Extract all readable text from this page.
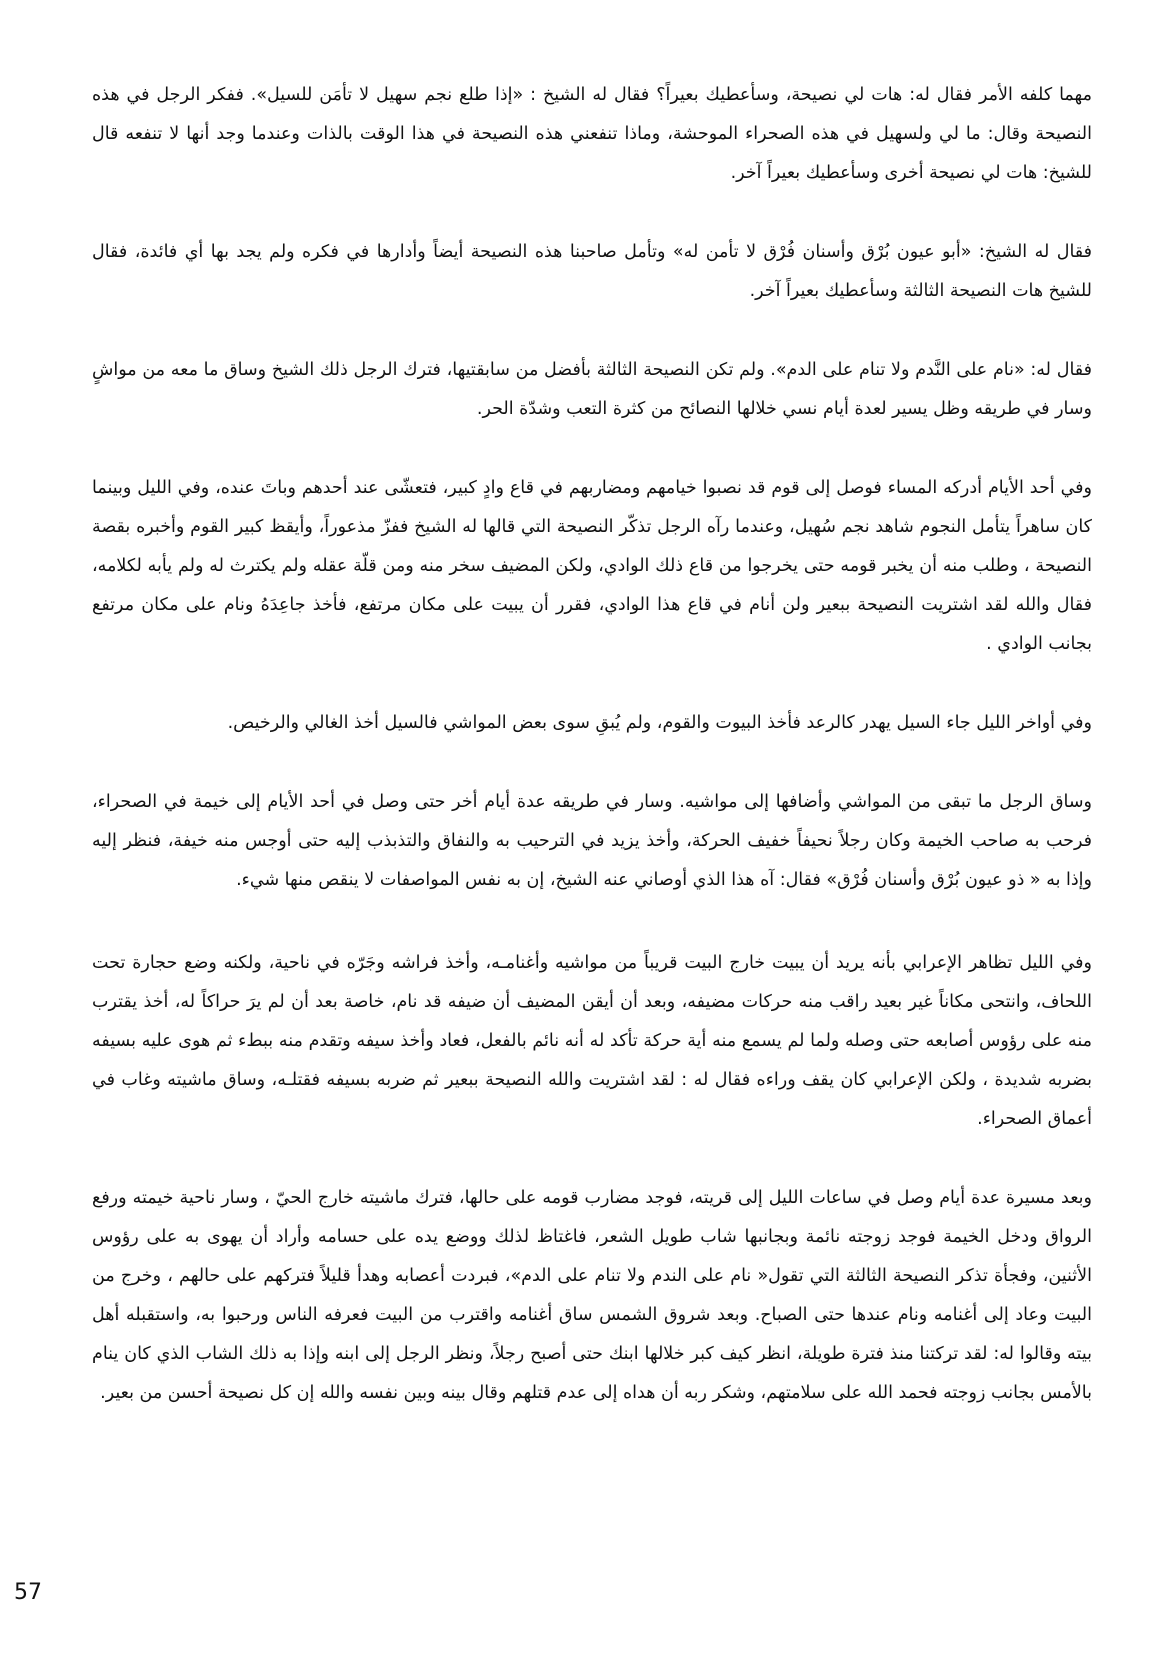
مهما كلفه الأمر فقال له: هات لي نصيحة، وسأعطيك بعيراً؟ فقال له الشيخ : «إذا طلع نجم سهيل لا تأمَن للسيل». ففكر الرجل في هذه النصيحة وقال: ما لي ولسهيل في هذه الصحراء الموحشة، وماذا تنفعني هذه النصيحة في هذا الوقت بالذات وعندما وجد أنها لا تنفعه قال للشيخ: هات لي نصيحة أخرى وسأعطيك بعيراً آخر.

فقال له الشيخ: «أبو عيون بُرْق وأسنان فُرْق لا تأمن له» وتأمل صاحبنا هذه النصيحة أيضاً وأدارها في فكره ولم يجد بها أي فائدة، فقال للشيخ هات النصيحة الثالثة وسأعطيك بعيراً آخر.

فقال له: «نام على النَّدم ولا تنام على الدم». ولم تكن النصيحة الثالثة بأفضل من سابقتيها، فترك الرجل ذلك الشيخ وساق ما معه من مواشٍ وسار في طريقه وظل يسير لعدة أيام نسي خلالها النصائح من كثرة التعب وشدّة الحر.

وفي أحد الأيام أدركه المساء فوصل إلى قوم قد نصبوا خيامهم ومضاربهم في قاع وادٍ كبير، فتعشّى عند أحدهم وباتَ عنده، وفي الليل وبينما كان ساهراً يتأمل النجوم شاهد نجم سُهيل، وعندما رآه الرجل تذكّر النصيحة التي قالها له الشيخ ففزّ مذعوراً، وأيقظ كبير القوم وأخبره بقصة النصيحة ، وطلب منه أن يخبر قومه حتى يخرجوا من قاع ذلك الوادي، ولكن المضيف سخر منه ومن قلّة عقله ولم يكترث له ولم يأبه لكلامه، فقال والله لقد اشتريت النصيحة ببعير ولن أنام في قاع هذا الوادي، فقرر أن يبيت على مكان مرتفع، فأخذ جاعِدَهُ ونام على مكان مرتفع بجانب الوادي .

وفي أواخر الليل جاء السيل يهدر كالرعد فأخذ البيوت والقوم، ولم يُبقِ سوى بعض المواشي فالسيل أخذ الغالي والرخيص.

وساق الرجل ما تبقى من المواشي وأضافها إلى مواشيه. وسار في طريقه عدة أيام أخر حتى وصل في أحد الأيام إلى خيمة في الصحراء، فرحب به صاحب الخيمة وكان رجلاً نحيفاً خفيف الحركة، وأخذ يزيد في الترحيب به والنفاق والتذبذب إليه حتى أوجس منه خيفة، فنظر إليه وإذا به « ذو عيون بُرْق وأسنان فُرْق» فقال: آه هذا الذي أوصاني عنه الشيخ، إن به نفس المواصفات لا ينقص منها شيء.

وفي الليل تظاهر الإعرابي بأنه يريد أن يبيت خارج البيت قريباً من مواشيه وأغنامـه، وأخذ فراشه وجَرّه في ناحية، ولكنه وضع حجارة تحت اللحاف، وانتحى مكاناً غير بعيد راقب منه حركات مضيفه، وبعد أن أيقن المضيف أن ضيفه قد نام، خاصة بعد أن لم يرَ حراكاً له، أخذ يقترب منه على رؤوس أصابعه حتى وصله ولما لم يسمع منه أية حركة تأكد له أنه نائم بالفعل، فعاد وأخذ سيفه وتقدم منه ببطء ثم هوى عليه بسيفه بضربه شديدة ، ولكن الإعرابي كان يقف وراءه فقال له : لقد اشتريت والله النصيحة ببعير ثم ضربه بسيفه فقتلـه، وساق ماشيته وغاب في أعماق الصحراء.

وبعد مسيرة عدة أيام وصل في ساعات الليل إلى قريته، فوجد مضارب قومه على حالها، فترك ماشيته خارج الحيّ ، وسار ناحية خيمته ورفع الرواق ودخل الخيمة فوجد زوجته نائمة وبجانبها شاب طويل الشعر، فاغتاظ لذلك ووضع يده على حسامه وأراد أن يهوى به على رؤوس الأثنين، وفجأة تذكر النصيحة الثالثة التي تقول« نام على الندم ولا تنام على الدم»، فبردت أعصابه وهدأ قليلاً فتركهم على حالهم ، وخرج من البيت وعاد إلى أغنامه ونام عندها حتى الصباح. وبعد شروق الشمس ساق أغنامه واقترب من البيت فعرفه الناس ورحبوا به، واستقبله أهل بيته وقالوا له: لقد تركتنا منذ فترة طويلة، انظر كيف كبر خلالها ابنك حتى أصبح رجلاً، ونظر الرجل إلى ابنه وإذا به ذلك الشاب الذي كان ينام بالأمس بجانب زوجته فحمد الله على سلامتهم، وشكر ربه أن هداه إلى عدم قتلهم وقال بينه وبين نفسه والله إن كل نصيحة أحسن من بعير.

57
